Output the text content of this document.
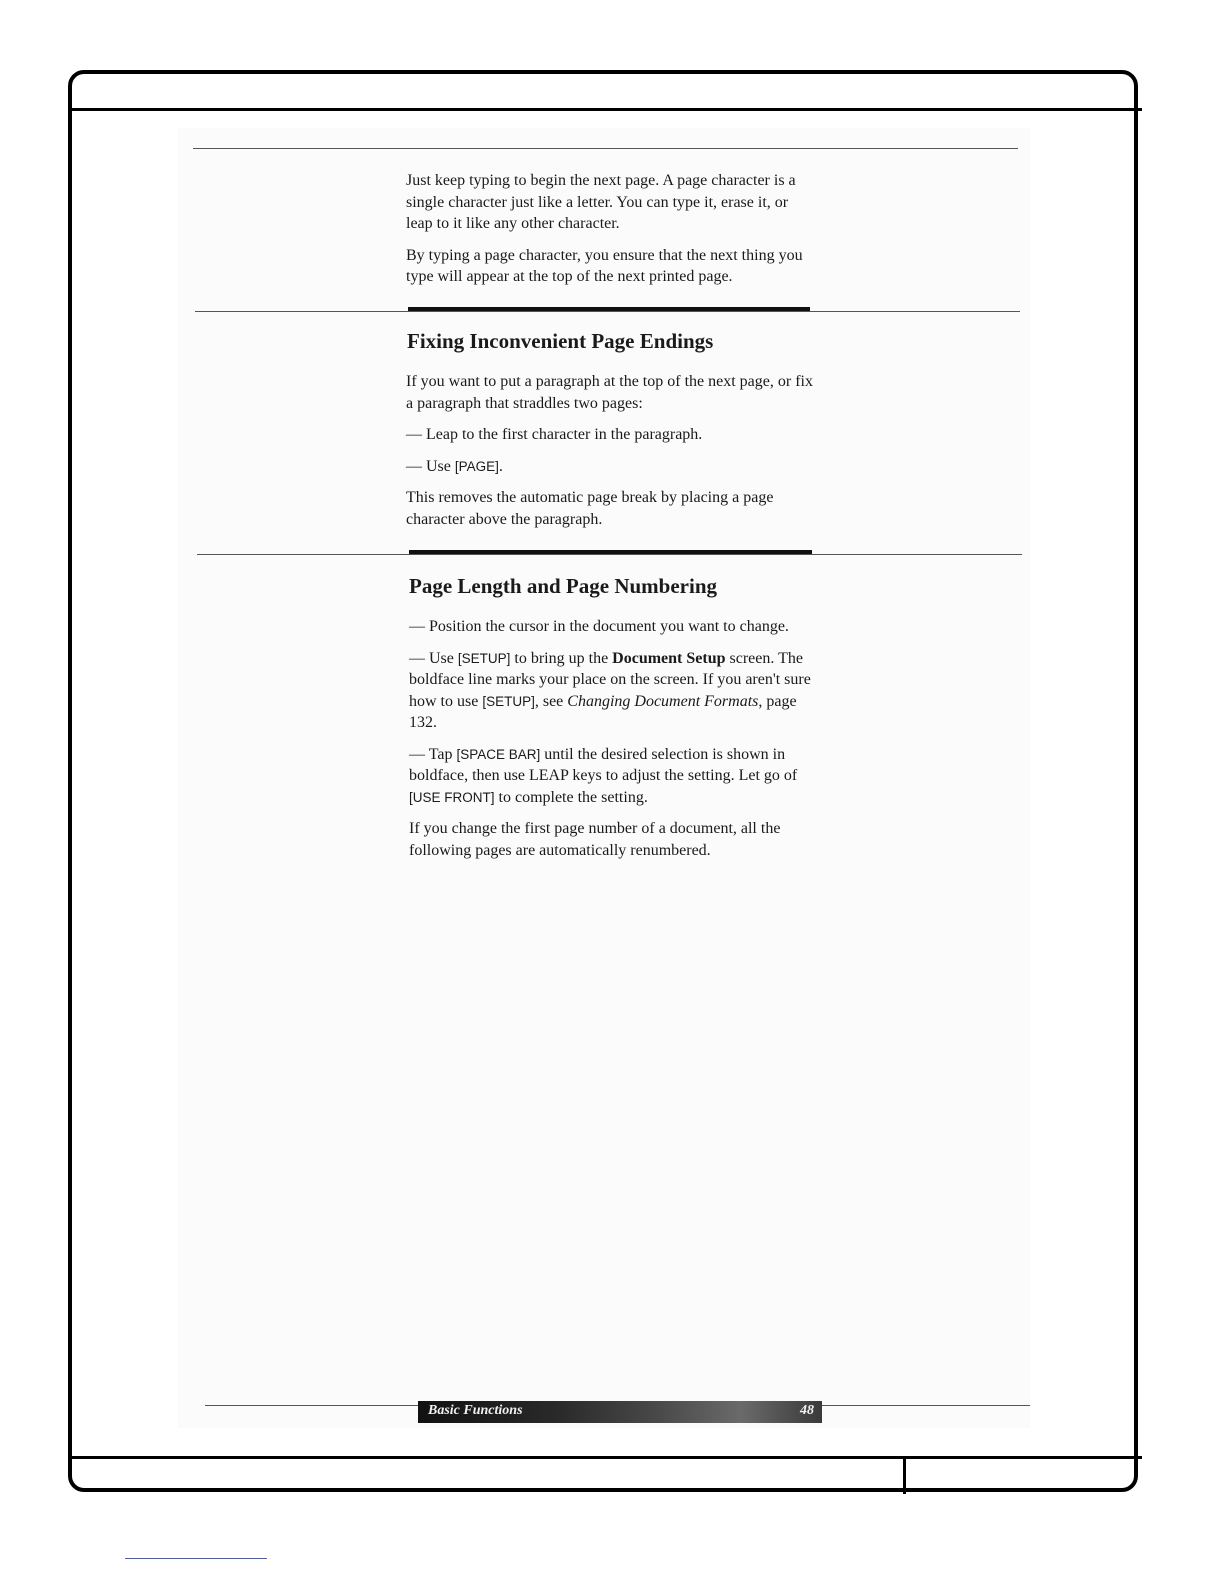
Just keep typing to begin the next page. A page character is a single character just like a letter. You can type it, erase it, or leap to it like any other character.

By typing a page character, you ensure that the next thing you type will appear at the top of the next printed page.

Fixing Inconvenient Page Endings

If you want to put a paragraph at the top of the next page, or fix a paragraph that straddles two pages:

— Leap to the first character in the paragraph.

— Use [PAGE].

This removes the automatic page break by placing a page character above the paragraph.

Page Length and Page Numbering

— Position the cursor in the document you want to change.

— Use [SETUP] to bring up the Document Setup screen. The boldface line marks your place on the screen. If you aren't sure how to use [SETUP], see Changing Document Formats, page 132.

— Tap [SPACE BAR] until the desired selection is shown in boldface, then use LEAP keys to adjust the setting. Let go of [USE FRONT] to complete the setting.

If you change the first page number of a document, all the following pages are automatically renumbered.

Basic Functions	48
